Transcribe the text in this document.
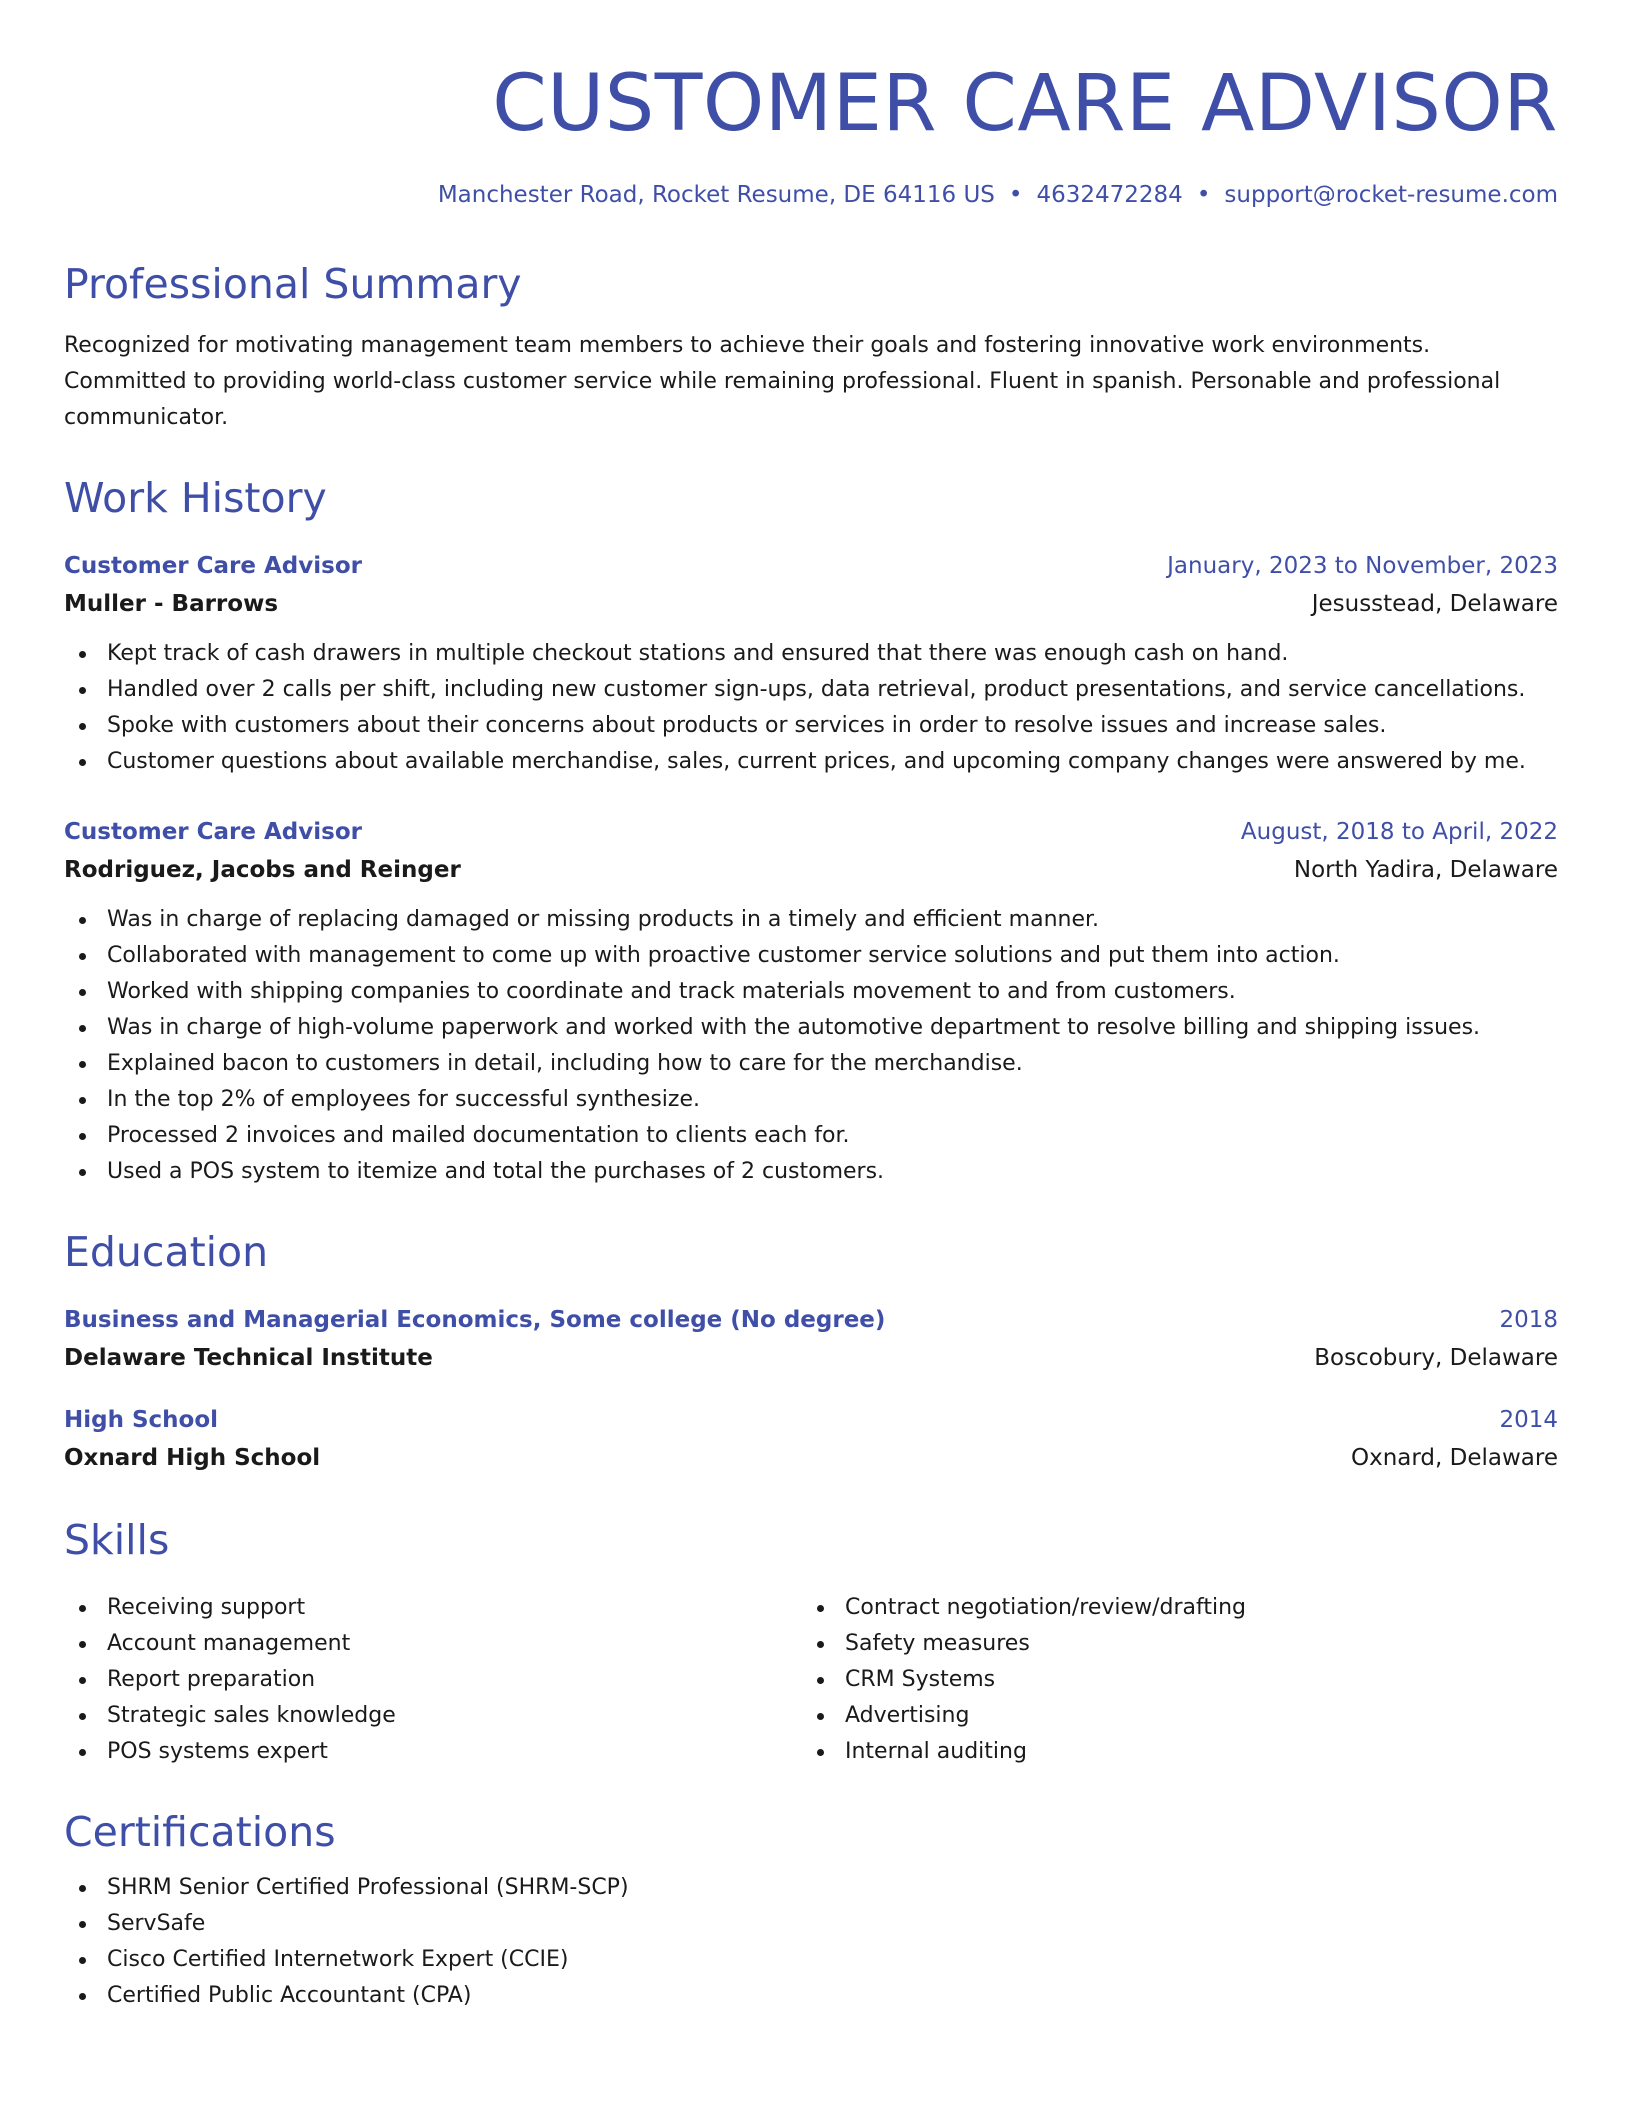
CUSTOMER CARE ADVISOR
Manchester Road, Rocket Resume, DE 64116 US • 4632472284 • support@rocket-resume.com
Professional Summary

Recognized for motivating management team members to achieve their goals and fostering innovative work environments. Committed to providing world-class customer service while remaining professional. Fluent in spanish. Personable and professional communicator.

Work History
Customer Care Advisor	January, 2023 to November, 2023
Muller - Barrows	Jesusstead, Delaware
Kept track of cash drawers in multiple checkout stations and ensured that there was enough cash on hand.
Handled over 2 calls per shift, including new customer sign-ups, data retrieval, product presentations, and service cancellations.
Spoke with customers about their concerns about products or services in order to resolve issues and increase sales.
Customer questions about available merchandise, sales, current prices, and upcoming company changes were answered by me.
Customer Care Advisor	August, 2018 to April, 2022
Rodriguez, Jacobs and Reinger	North Yadira, Delaware
Was in charge of replacing damaged or missing products in a timely and efficient manner.
Collaborated with management to come up with proactive customer service solutions and put them into action.
Worked with shipping companies to coordinate and track materials movement to and from customers.
Was in charge of high-volume paperwork and worked with the automotive department to resolve billing and shipping issues.
Explained bacon to customers in detail, including how to care for the merchandise.
In the top 2% of employees for successful synthesize.
Processed 2 invoices and mailed documentation to clients each for.
Used a POS system to itemize and total the purchases of 2 customers.
Education
Business and Managerial Economics, Some college (No degree)	2018
Delaware Technical Institute	Boscobury, Delaware
High School	2014
Oxnard High School	Oxnard, Delaware
Skills
Receiving support
Account management
Report preparation
Strategic sales knowledge
POS systems expert
Contract negotiation/review/drafting
Safety measures
CRM Systems
Advertising
Internal auditing
Certifications
SHRM Senior Certified Professional (SHRM-SCP)
ServSafe
Cisco Certified Internetwork Expert (CCIE)
Certified Public Accountant (CPA)
